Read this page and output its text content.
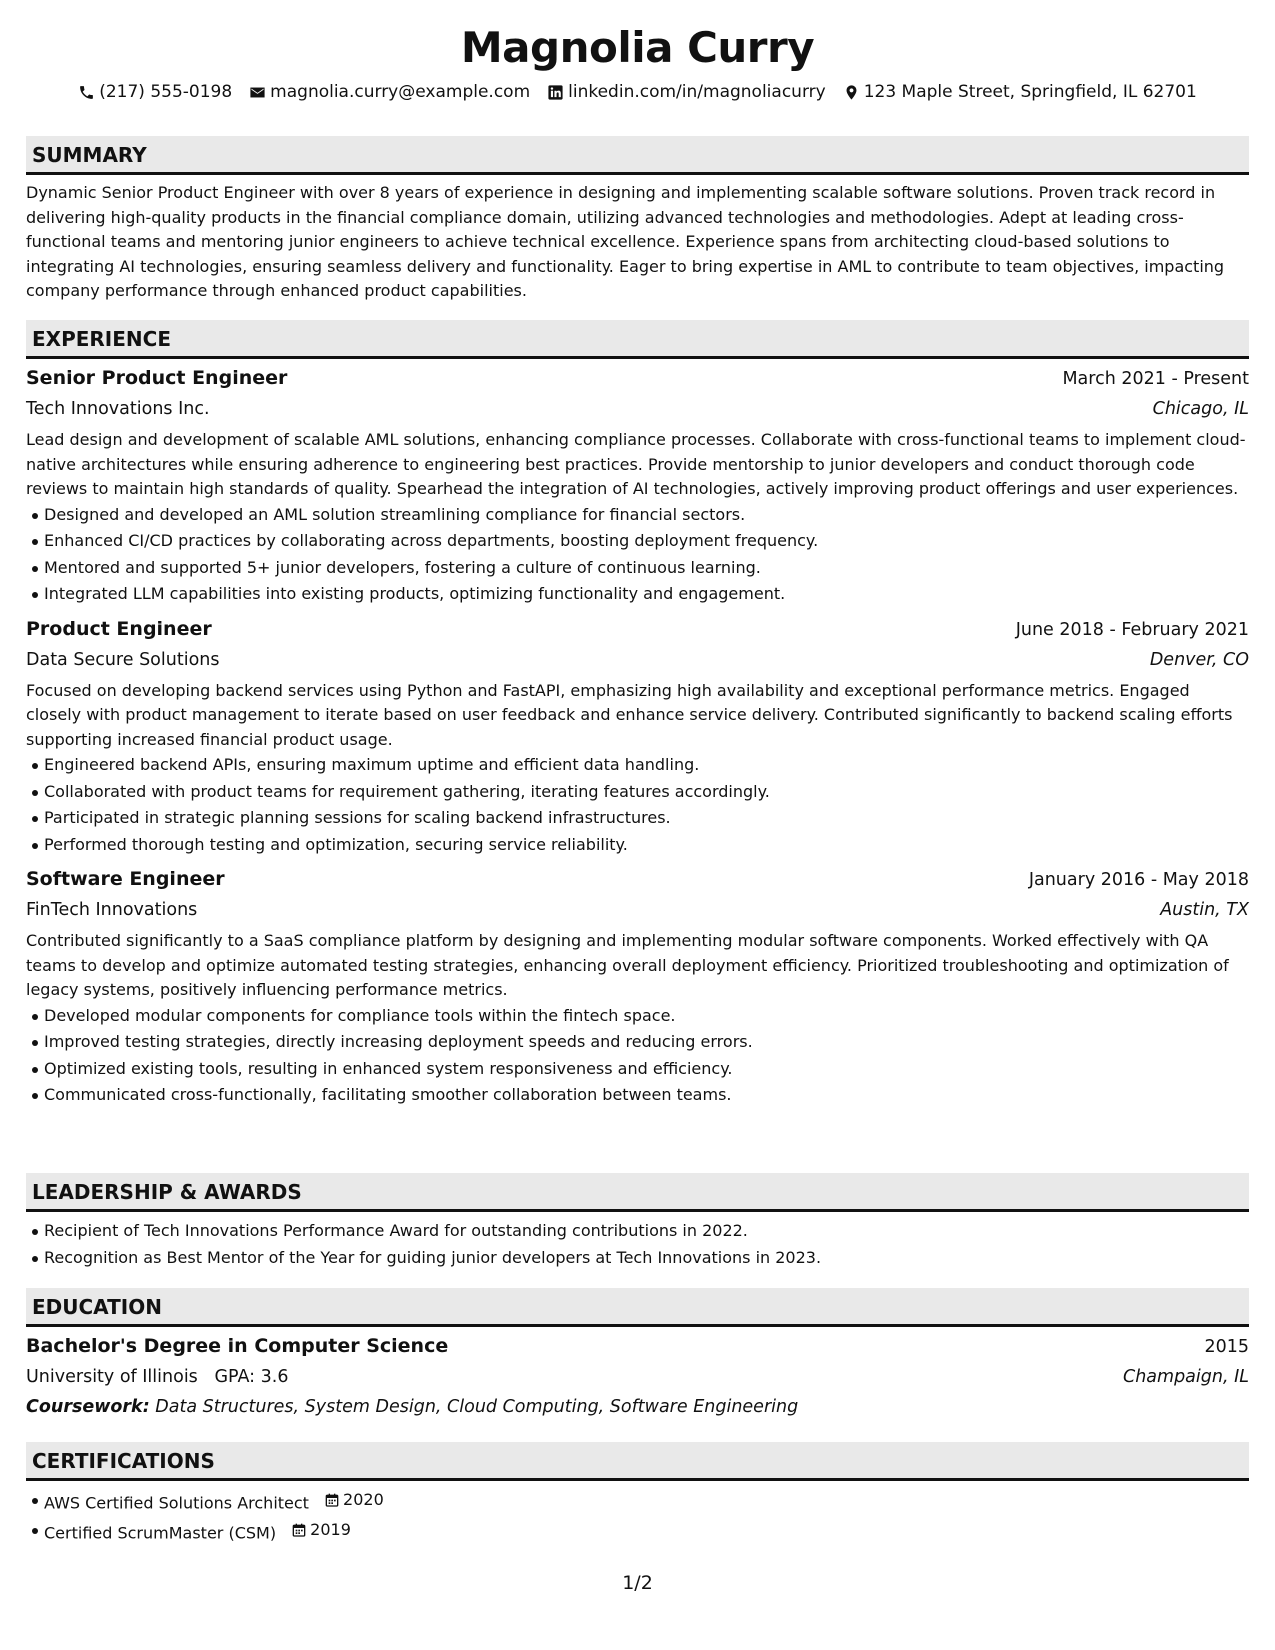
Magnolia Curry
(217) 555-0198 magnolia.curry@example.com linkedin.com/in/magnoliacurry 123 Maple Street, Springfield, IL 62701
SUMMARY

Dynamic Senior Product Engineer with over 8 years of experience in designing and implementing scalable software solutions. Proven track record in delivering high-quality products in the financial compliance domain, utilizing advanced technologies and methodologies. Adept at leading cross-functional teams and mentoring junior engineers to achieve technical excellence. Experience spans from architecting cloud-based solutions to integrating AI technologies, ensuring seamless delivery and functionality. Eager to bring expertise in AML to contribute to team objectives, impacting company performance through enhanced product capabilities.

EXPERIENCE
Senior Product Engineer	March 2021 - Present
Tech Innovations Inc.	Chicago, IL

Lead design and development of scalable AML solutions, enhancing compliance processes. Collaborate with cross-functional teams to implement cloud-native architectures while ensuring adherence to engineering best practices. Provide mentorship to junior developers and conduct thorough code reviews to maintain high standards of quality. Spearhead the integration of AI technologies, actively improving product offerings and user experiences.

Designed and developed an AML solution streamlining compliance for financial sectors.
Enhanced CI/CD practices by collaborating across departments, boosting deployment frequency.
Mentored and supported 5+ junior developers, fostering a culture of continuous learning.
Integrated LLM capabilities into existing products, optimizing functionality and engagement.
Product Engineer	June 2018 - February 2021
Data Secure Solutions	Denver, CO

Focused on developing backend services using Python and FastAPI, emphasizing high availability and exceptional performance metrics. Engaged closely with product management to iterate based on user feedback and enhance service delivery. Contributed significantly to backend scaling efforts supporting increased financial product usage.

Engineered backend APIs, ensuring maximum uptime and efficient data handling.
Collaborated with product teams for requirement gathering, iterating features accordingly.
Participated in strategic planning sessions for scaling backend infrastructures.
Performed thorough testing and optimization, securing service reliability.
Software Engineer	January 2016 - May 2018
FinTech Innovations	Austin, TX

Contributed significantly to a SaaS compliance platform by designing and implementing modular software components. Worked effectively with QA teams to develop and optimize automated testing strategies, enhancing overall deployment efficiency. Prioritized troubleshooting and optimization of legacy systems, positively influencing performance metrics.

Developed modular components for compliance tools within the fintech space.
Improved testing strategies, directly increasing deployment speeds and reducing errors.
Optimized existing tools, resulting in enhanced system responsiveness and efficiency.
Communicated cross-functionally, facilitating smoother collaboration between teams.
LEADERSHIP & AWARDS
Recipient of Tech Innovations Performance Award for outstanding contributions in 2022.
Recognition as Best Mentor of the Year for guiding junior developers at Tech Innovations in 2023.
EDUCATION
Bachelor's Degree in Computer Science	2015
University of Illinois GPA: 3.6	Champaign, IL
Coursework: Data Structures, System Design, Cloud Computing, Software Engineering
CERTIFICATIONS
AWS Certified Solutions Architect 2020
Certified ScrumMaster (CSM) 2019
1/2
